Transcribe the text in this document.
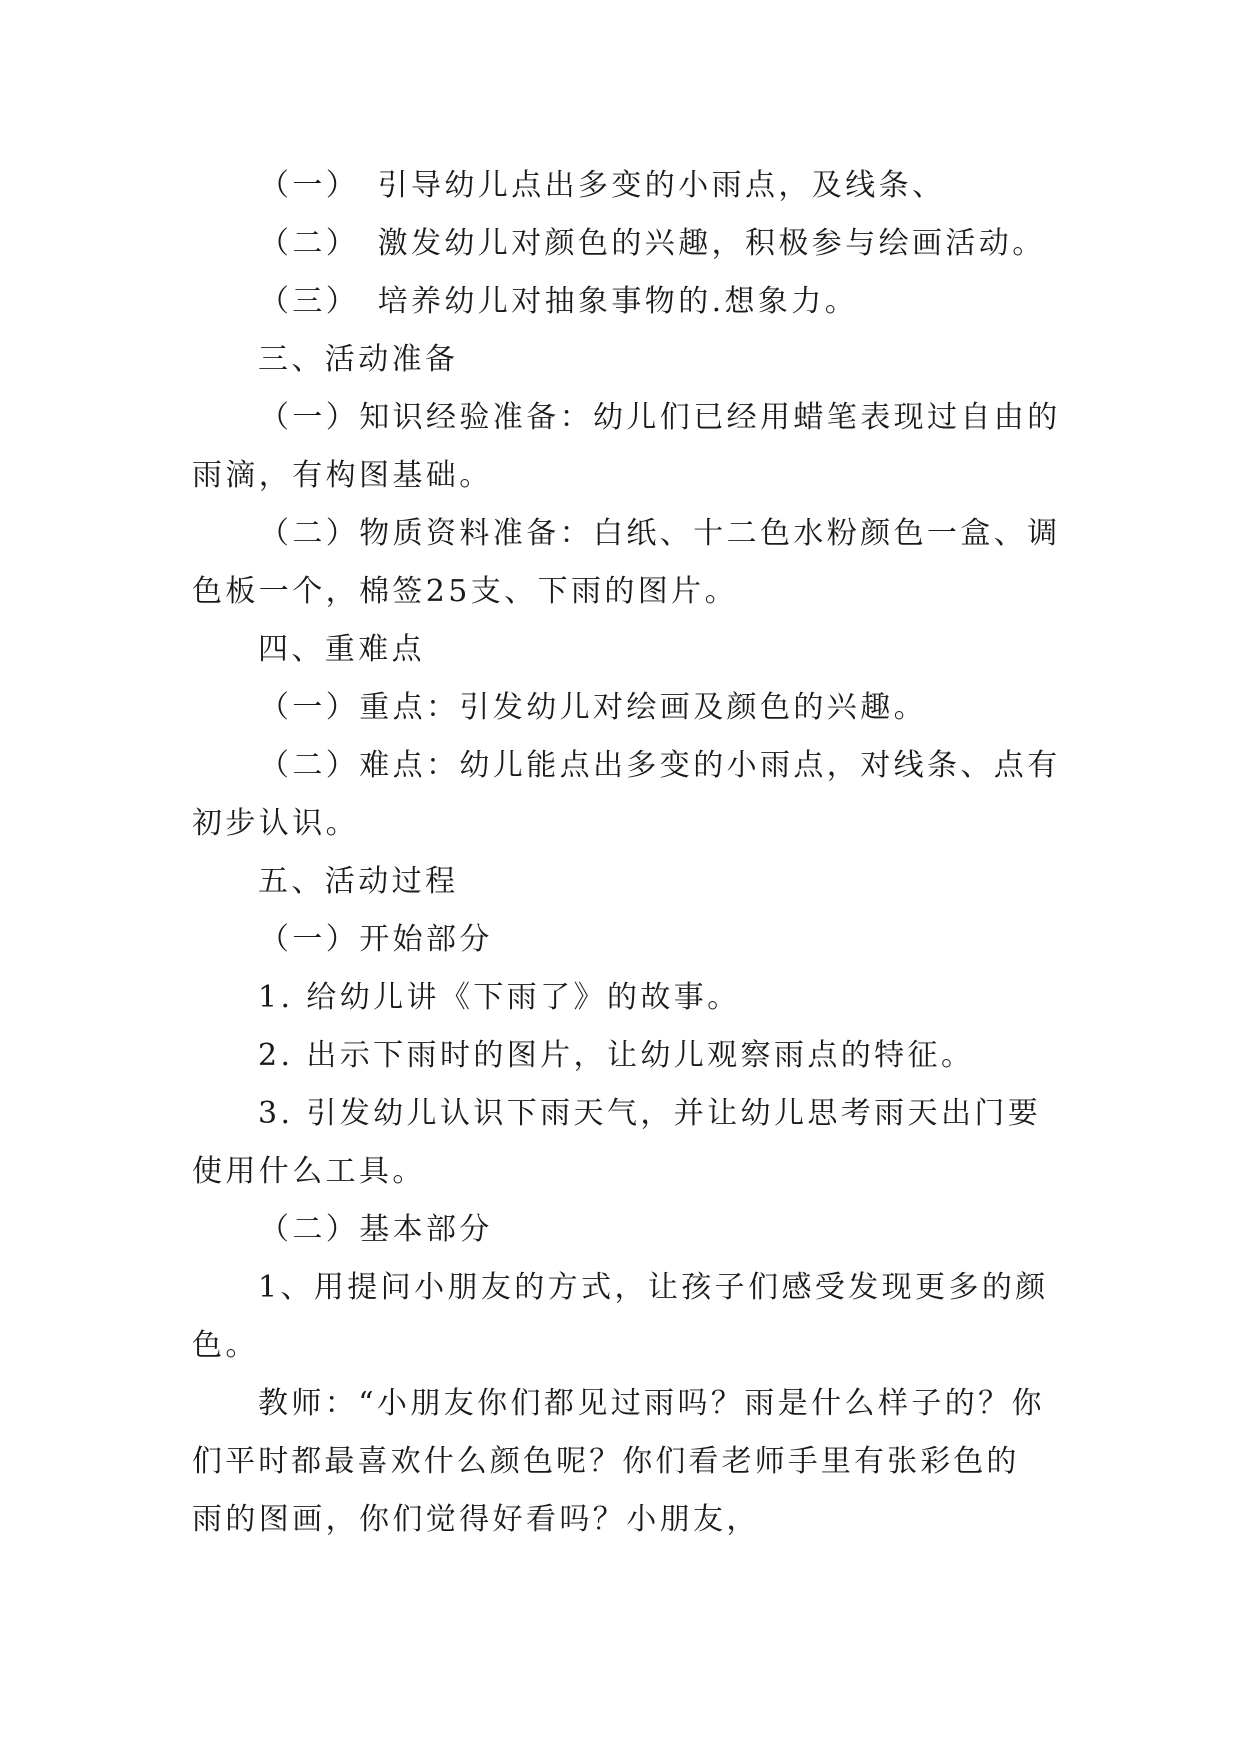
（一）　引导幼儿点出多变的小雨点，及线条、
（二）　激发幼儿对颜色的兴趣，积极参与绘画活动。
（三）　培养幼儿对抽象事物的.想象力。
三、活动准备
（一）知识经验准备：幼儿们已经用蜡笔表现过自由的
雨滴，有构图基础。
（二）物质资料准备：白纸、十二色水粉颜色一盒、调
色板一个，棉签25支、下雨的图片。
四、重难点
（一）重点：引发幼儿对绘画及颜色的兴趣。
（二）难点：幼儿能点出多变的小雨点，对线条、点有
初步认识。
五、活动过程
（一）开始部分
1. 给幼儿讲《下雨了》的故事。
2. 出示下雨时的图片，让幼儿观察雨点的特征。
3. 引发幼儿认识下雨天气，并让幼儿思考雨天出门要
使用什么工具。
（二）基本部分
1、用提问小朋友的方式，让孩子们感受发现更多的颜
色。
教师：“小朋友你们都见过雨吗？雨是什么样子的？你
们平时都最喜欢什么颜色呢？你们看老师手里有张彩色的
雨的图画，你们觉得好看吗？小朋友，
